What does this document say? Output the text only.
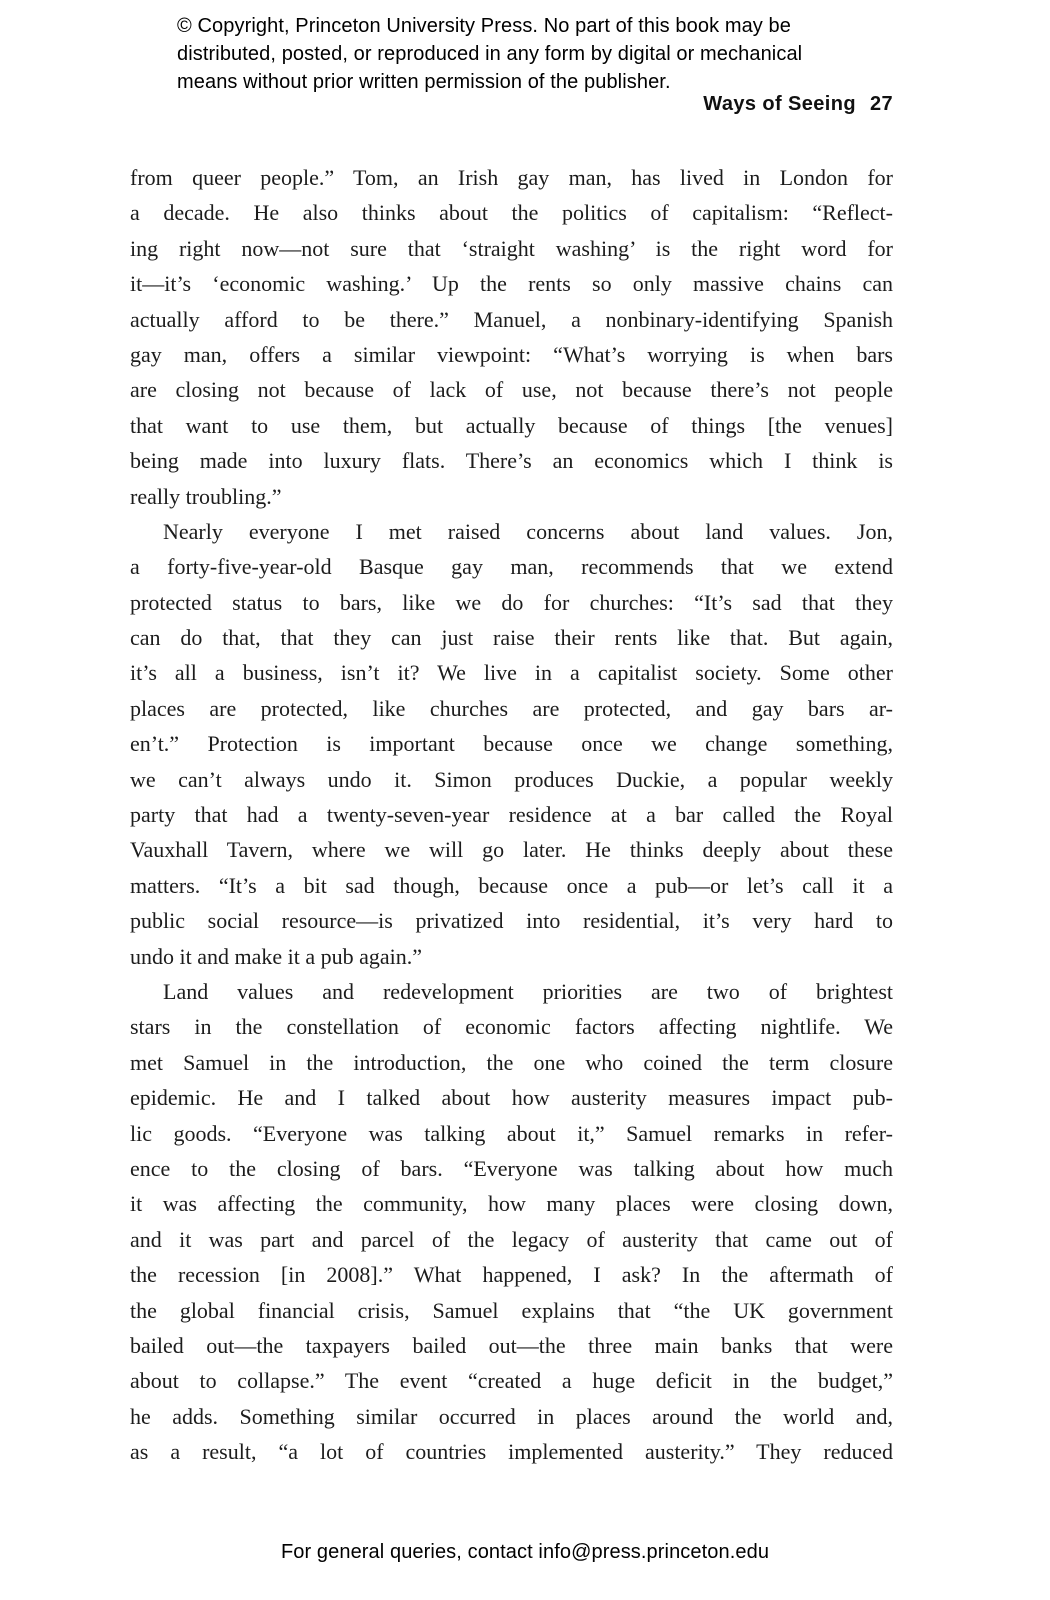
© Copyright, Princeton University Press. No part of this book may be
distributed, posted, or reproduced in any form by digital or mechanical
means without prior written permission of the publisher.
Ways of Seeing 27
from queer people.” Tom, an Irish gay man, has lived in London for
a decade. He also thinks about the politics of capitalism: “Reflect-
ing right now—not sure that ‘straight washing’ is the right word for
it—it’s ‘economic washing.’ Up the rents so only massive chains can
actually afford to be there.” Manuel, a nonbinary-identifying Spanish
gay man, offers a similar viewpoint: “What’s worrying is when bars
are closing not because of lack of use, not because there’s not people
that want to use them, but actually because of things [the venues]
being made into luxury flats. There’s an economics which I think is
really troubling.”
Nearly everyone I met raised concerns about land values. Jon,
a forty-five-year-old Basque gay man, recommends that we extend
protected status to bars, like we do for churches: “It’s sad that they
can do that, that they can just raise their rents like that. But again,
it’s all a business, isn’t it? We live in a capitalist society. Some other
places are protected, like churches are protected, and gay bars ar-
en’t.” Protection is important because once we change something,
we can’t always undo it. Simon produces Duckie, a popular weekly
party that had a twenty-seven-year residence at a bar called the Royal
Vauxhall Tavern, where we will go later. He thinks deeply about these
matters. “It’s a bit sad though, because once a pub—or let’s call it a
public social resource—is privatized into residential, it’s very hard to
undo it and make it a pub again.”
Land values and redevelopment priorities are two of brightest
stars in the constellation of economic factors affecting nightlife. We
met Samuel in the introduction, the one who coined the term closure
epidemic. He and I talked about how austerity measures impact pub-
lic goods. “Everyone was talking about it,” Samuel remarks in refer-
ence to the closing of bars. “Everyone was talking about how much
it was affecting the community, how many places were closing down,
and it was part and parcel of the legacy of austerity that came out of
the recession [in 2008].” What happened, I ask? In the aftermath of
the global financial crisis, Samuel explains that “the UK government
bailed out—the taxpayers bailed out—the three main banks that were
about to collapse.” The event “created a huge deficit in the budget,”
he adds. Something similar occurred in places around the world and,
as a result, “a lot of countries implemented austerity.” They reduced
For general queries, contact info@press.princeton.edu
